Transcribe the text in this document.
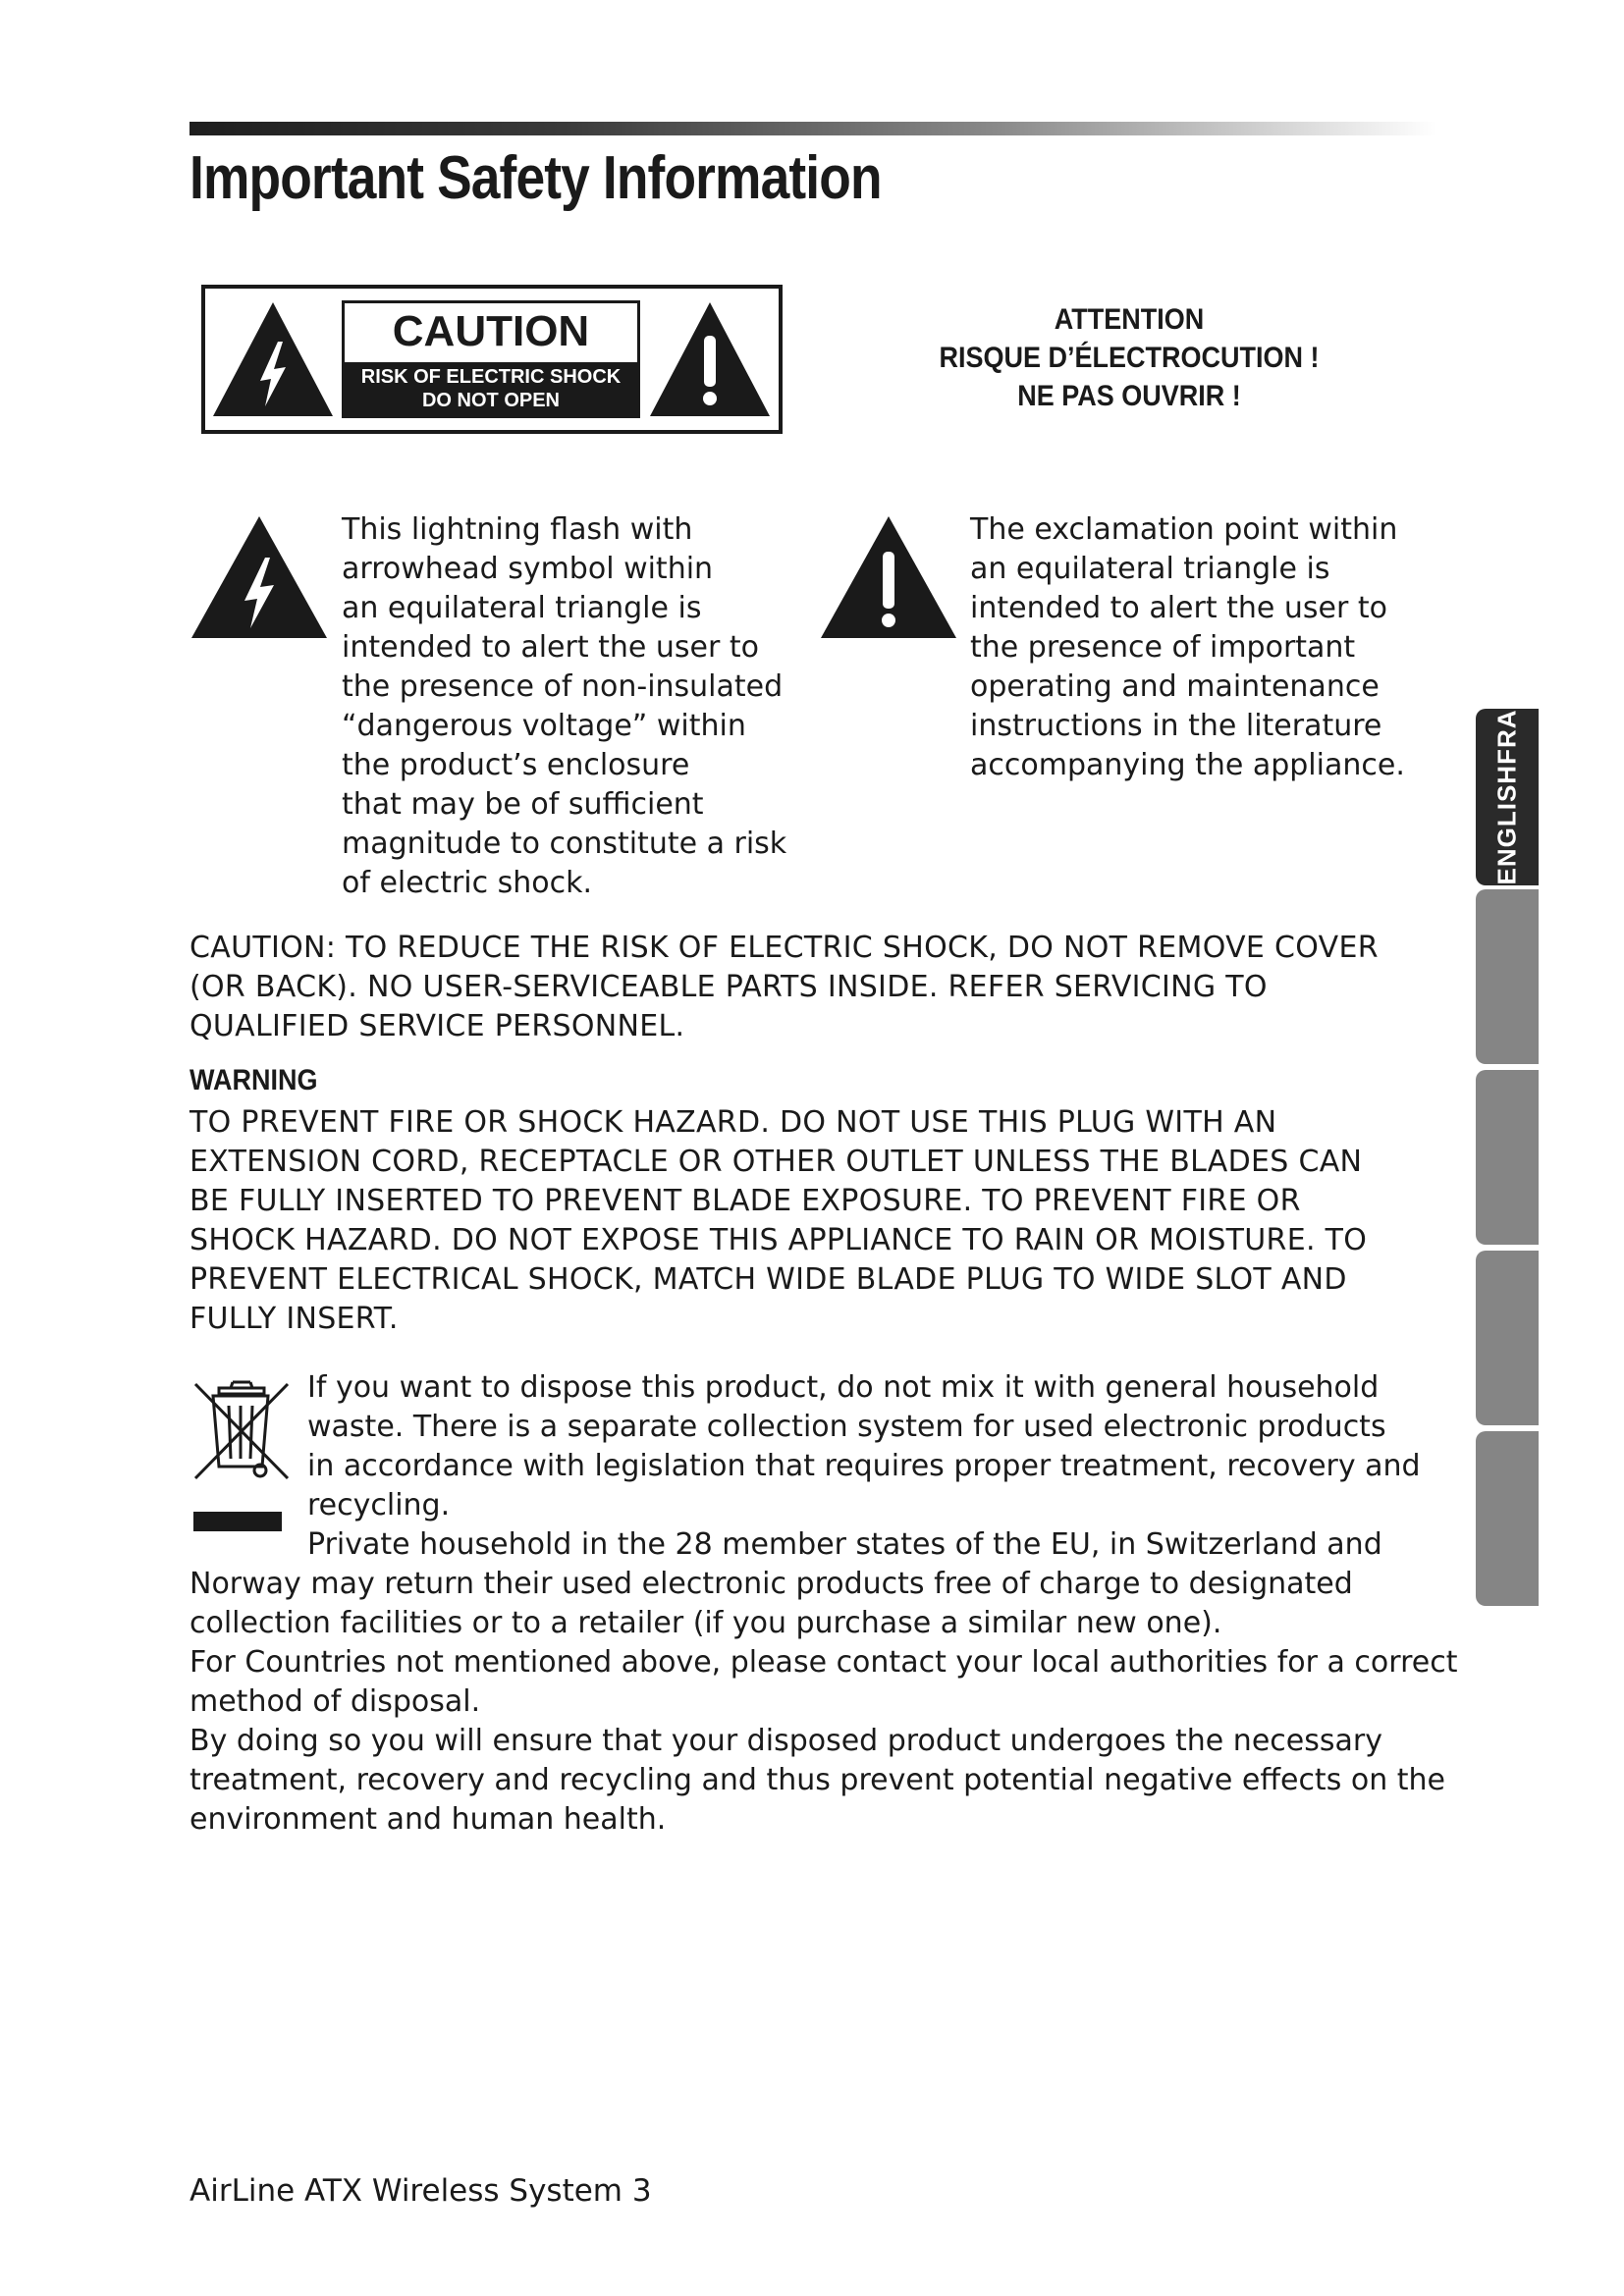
Important Safety Information
CAUTION
RISK OF ELECTRIC SHOCK
DO NOT OPEN
ATTENTION
RISQUE D’ÉLECTROCUTION !
NE PAS OUVRIR !
This lightning flash with
arrowhead symbol within
an equilateral triangle is
intended to alert the user to
the presence of non-insulated
“dangerous voltage” within
the product’s enclosure
that may be of sufficient
magnitude to constitute a risk
of electric shock.
The exclamation point within
an equilateral triangle is
intended to alert the user to
the presence of important
operating and maintenance
instructions in the literature
accompanying the appliance.
CAUTION: TO REDUCE THE RISK OF ELECTRIC SHOCK, DO NOT REMOVE COVER
(OR BACK). NO USER-SERVICEABLE PARTS INSIDE. REFER SERVICING TO
QUALIFIED SERVICE PERSONNEL.
WARNING
TO PREVENT FIRE OR SHOCK HAZARD. DO NOT USE THIS PLUG WITH AN
EXTENSION CORD, RECEPTACLE OR OTHER OUTLET UNLESS THE BLADES CAN
BE FULLY INSERTED TO PREVENT BLADE EXPOSURE. TO PREVENT FIRE OR
SHOCK HAZARD. DO NOT EXPOSE THIS APPLIANCE TO RAIN OR MOISTURE. TO
PREVENT ELECTRICAL SHOCK, MATCH WIDE BLADE PLUG TO WIDE SLOT AND
FULLY INSERT.
If you want to dispose this product, do not mix it with general household
waste. There is a separate collection system for used electronic products
in accordance with legislation that requires proper treatment, recovery and
recycling.
Private household in the 28 member states of the EU, in Switzerland and
Norway may return their used electronic products free of charge to designated
collection facilities or to a retailer (if you purchase a similar new one).
For Countries not mentioned above, please contact your local authorities for a correct
method of disposal.
By doing so you will ensure that your disposed product undergoes the necessary
treatment, recovery and recycling and thus prevent potential negative effects on the
environment and human health.
ENGLISHFRA
AirLine ATX Wireless System 3
